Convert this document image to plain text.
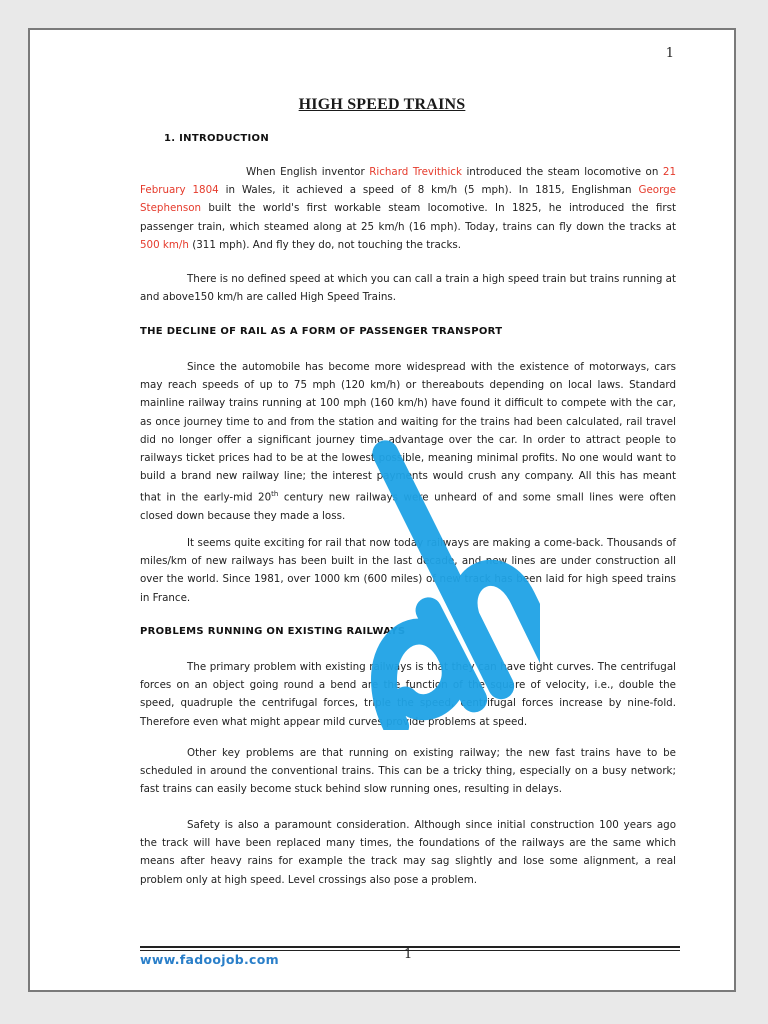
1
HIGH SPEED TRAINS
1. INTRODUCTION
When English inventor Richard Trevithick introduced the steam locomotive on 21 February 1804 in Wales, it achieved a speed of 8 km/h (5 mph). In 1815, Englishman George Stephenson built the world's first workable steam locomotive. In 1825, he introduced the first passenger train, which steamed along at 25 km/h (16 mph). Today, trains can fly down the tracks at 500 km/h (311 mph). And fly they do, not touching the tracks.
There is no defined speed at which you can call a train a high speed train but trains running at and above150 km/h are called High Speed Trains.
THE DECLINE OF RAIL AS A FORM OF PASSENGER TRANSPORT
Since the automobile has become more widespread with the existence of motorways, cars may reach speeds of up to 75 mph (120 km/h) or thereabouts depending on local laws. Standard mainline railway trains running at 100 mph (160 km/h) have found it difficult to compete with the car, as once journey time to and from the station and waiting for the trains had been calculated, rail travel did no longer offer a significant journey time advantage over the car. In order to attract people to railways ticket prices had to be at the lowest possible, meaning minimal profits. No one would want to build a brand new railway line; the interest payments would crush any company. All this has meant that in the early-mid 20th century new railways were unheard of and some small lines were often closed down because they made a loss.
It seems quite exciting for rail that now today railways are making a come-back. Thousands of miles/km of new railways has been built in the last decade, and new lines are under construction all over the world. Since 1981, over 1000 km (600 miles) of new track has been laid for high speed trains in France.
PROBLEMS RUNNING ON EXISTING RAILWAYS
The primary problem with existing railways is that they can have tight curves. The centrifugal forces on an object going round a bend are the function of the square of velocity, i.e., double the speed, quadruple the centrifugal forces, triple the speed, centrifugal forces increase by nine-fold. Therefore even what might appear mild curves provide problems at speed.
Other key problems are that running on existing railway; the new fast trains have to be scheduled in around the conventional trains. This can be a tricky thing, especially on a busy network; fast trains can easily become stuck behind slow running ones, resulting in delays.
Safety is also a paramount consideration. Although since initial construction 100 years ago the track will have been replaced many times, the foundations of the railways are the same which means after heavy rains for example the track may sag slightly and lose some alignment, a real problem only at high speed. Level crossings also pose a problem.
www.fadoojob.com	1
